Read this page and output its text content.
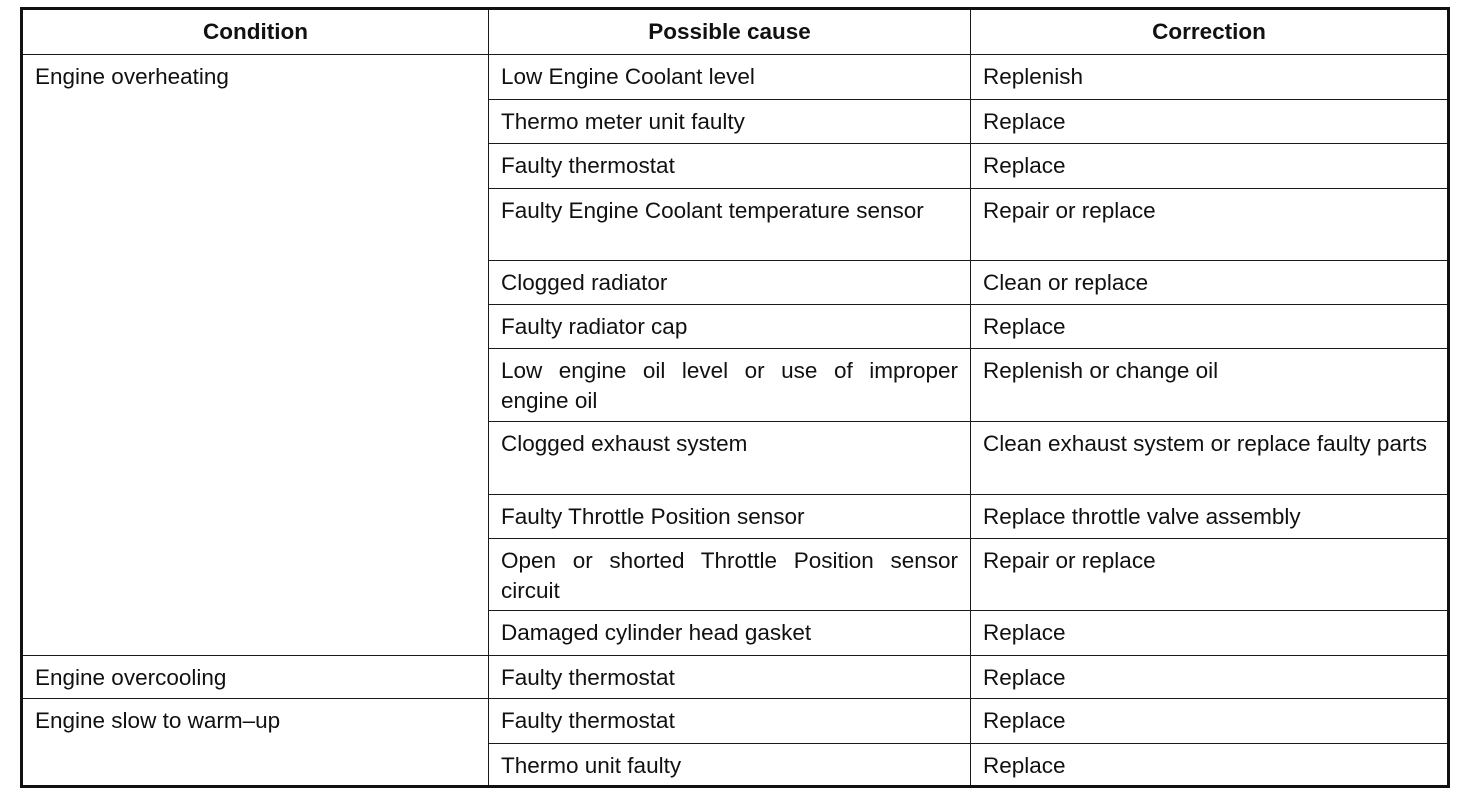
Condition	Possible cause	Correction
Engine overheating	Low Engine Coolant level	Replenish
	Thermo meter unit faulty	Replace
	Faulty thermostat	Replace
	Faulty Engine Coolant temperature sensor	Repair or replace
	Clogged radiator	Clean or replace
	Faulty radiator cap	Replace
	Low engine oil level or use of improper engine oil	Replenish or change oil
	Clogged exhaust system	Clean exhaust system or replace faulty parts
	Faulty Throttle Position sensor	Replace throttle valve assembly
	Open or shorted Throttle Position sensor circuit	Repair or replace
	Damaged cylinder head gasket	Replace
Engine overcooling	Faulty thermostat	Replace
Engine slow to warm–up	Faulty thermostat	Replace
	Thermo unit faulty	Replace
